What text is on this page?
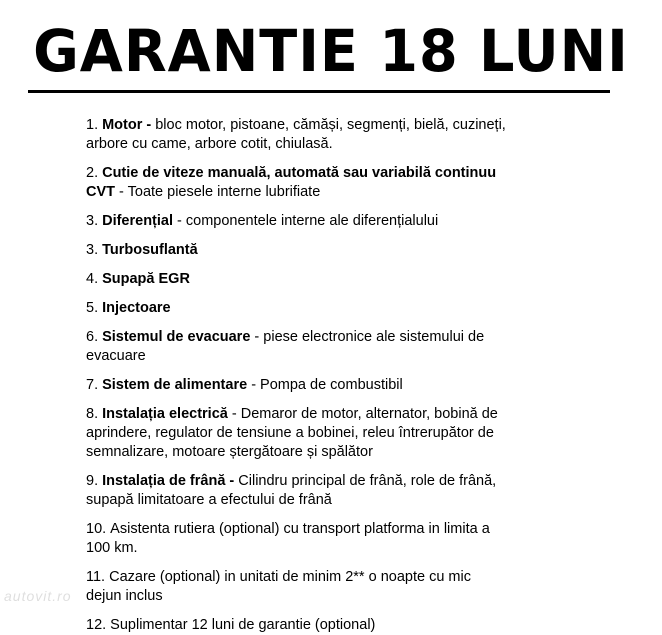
GARANTIE 18 LUNI
1. Motor - bloc motor, pistoane, cămăși, segmenți, bielă, cuzineți, arbore cu came, arbore cotit, chiulasă.
2. Cutie de viteze manuală, automată sau variabilă continuu CVT - Toate piesele interne lubrifiate
3. Diferențial - componentele interne ale diferențialului
3. Turbosuflantă
4. Supapă EGR
5. Injectoare
6. Sistemul de evacuare - piese electronice ale sistemului de evacuare
7. Sistem de alimentare - Pompa de combustibil
8. Instalația electrică - Demaror de motor, alternator, bobină de aprindere, regulator de tensiune a bobinei, releu întrerupător de semnalizare, motoare ștergătoare și spălător
9. Instalația de frână - Cilindru principal de frână, role de frână, supapă limitatoare a efectului de frână
10. Asistenta rutiera (optional) cu transport platforma in limita a 100 km.
11. Cazare (optional) in unitati de minim 2** o noapte cu mic dejun inclus
12. Suplimentar 12 luni de garantie (optional)
autovit.ro
